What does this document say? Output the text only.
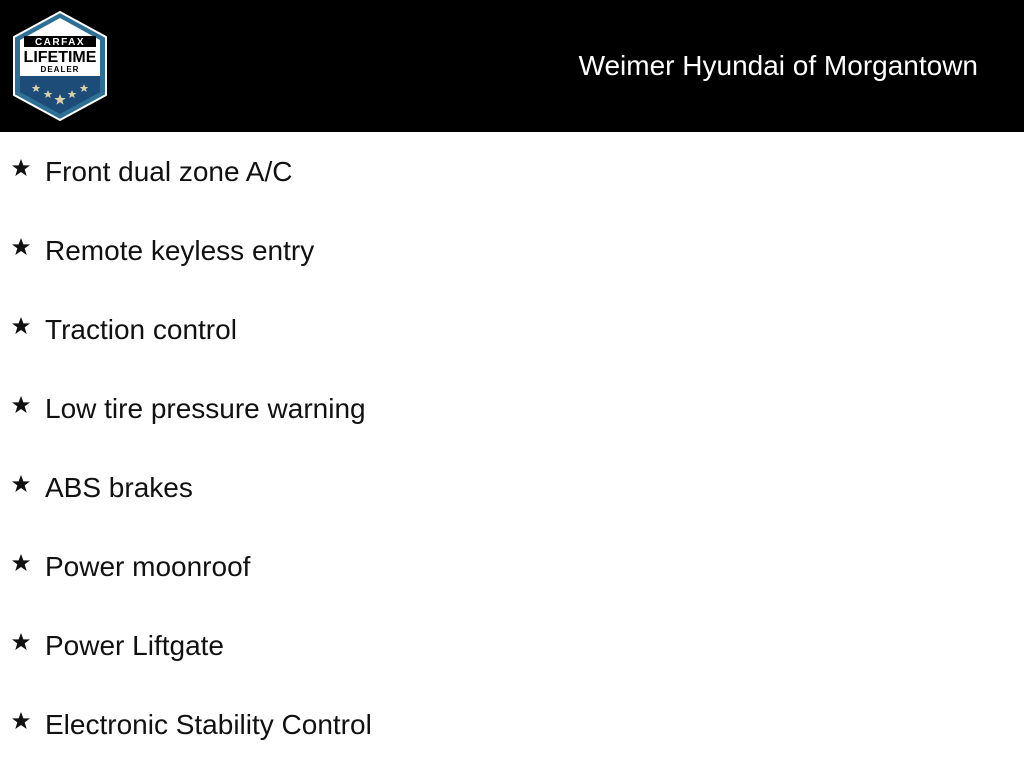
CARFAX
LIFETIME
DEALER	Weimer Hyundai of Morgantown
Front dual zone A/C
Remote keyless entry
Traction control
Low tire pressure warning
ABS brakes
Power moonroof
Power Liftgate
Electronic Stability Control
